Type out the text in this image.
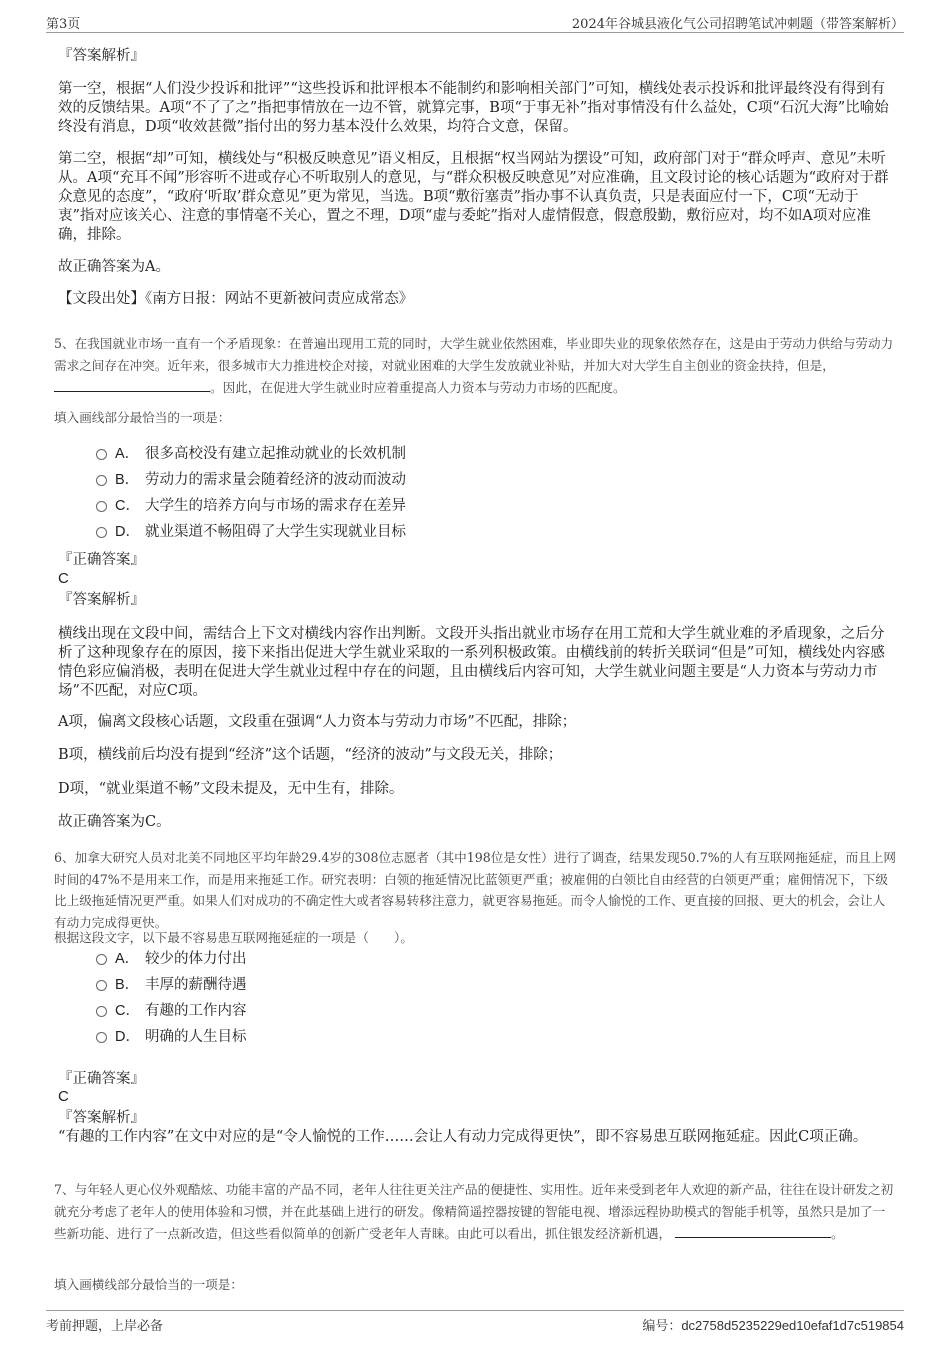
第3页	2024年谷城县液化气公司招聘笔试冲刺题（带答案解析）
『答案解析』
第一空，根据“人们没少投诉和批评”“这些投诉和批评根本不能制约和影响相关部门”可知，横线处表示投诉和批评最终没有得到有效的反馈结果。A项“不了了之”指把事情放在一边不管，就算完事，B项“于事无补”指对事情没有什么益处，C项“石沉大海”比喻始终没有消息，D项“收效甚微”指付出的努力基本没什么效果，均符合文意，保留。
第二空，根据“却”可知，横线处与“积极反映意见”语义相反，且根据“权当网站为摆设”可知，政府部门对于“群众呼声、意见”未听从。A项“充耳不闻”形容听不进或存心不听取别人的意见，与“群众积极反映意见”对应准确，且文段讨论的核心话题为“政府对于群众意见的态度”，“政府‘听取’群众意见”更为常见，当选。B项“敷衍塞责”指办事不认真负责，只是表面应付一下，C项“无动于衷”指对应该关心、注意的事情毫不关心，置之不理，D项“虚与委蛇”指对人虚情假意，假意殷勤，敷衍应对，均不如A项对应准确，排除。
故正确答案为A。
【文段出处】《南方日报：网站不更新被问责应成常态》
5、在我国就业市场一直有一个矛盾现象：在普遍出现用工荒的同时，大学生就业依然困难，毕业即失业的现象依然存在，这是由于劳动力供给与劳动力需求之间存在冲突。近年来，很多城市大力推进校企对接，对就业困难的大学生发放就业补贴，并加大对大学生自主创业的资金扶持，但是， 。因此，在促进大学生就业时应着重提高人力资本与劳动力市场的匹配度。
填入画线部分最恰当的一项是：
A． 很多高校没有建立起推动就业的长效机制
B． 劳动力的需求量会随着经济的波动而波动
C． 大学生的培养方向与市场的需求存在差异
D． 就业渠道不畅阻碍了大学生实现就业目标
『正确答案』
C
『答案解析』
横线出现在文段中间，需结合上下文对横线内容作出判断。文段开头指出就业市场存在用工荒和大学生就业难的矛盾现象，之后分析了这种现象存在的原因，接下来指出促进大学生就业采取的一系列积极政策。由横线前的转折关联词“但是”可知，横线处内容感情色彩应偏消极，表明在促进大学生就业过程中存在的问题，且由横线后内容可知，大学生就业问题主要是“人力资本与劳动力市场”不匹配，对应C项。
A项，偏离文段核心话题，文段重在强调“人力资本与劳动力市场”不匹配，排除；
B项，横线前后均没有提到“经济”这个话题，“经济的波动”与文段无关，排除；
D项，“就业渠道不畅”文段未提及，无中生有，排除。
故正确答案为C。
6、加拿大研究人员对北美不同地区平均年龄29.4岁的308位志愿者（其中198位是女性）进行了调查，结果发现50.7%的人有互联网拖延症，而且上网时间的47%不是用来工作，而是用来拖延工作。研究表明：白领的拖延情况比蓝领更严重；被雇佣的白领比自由经营的白领更严重；雇佣情况下，下级比上级拖延情况更严重。如果人们对成功的不确定性大或者容易转移注意力，就更容易拖延。而令人愉悦的工作、更直接的回报、更大的机会，会让人有动力完成得更快。
根据这段文字，以下最不容易患互联网拖延症的一项是（　　）。
A． 较少的体力付出
B． 丰厚的薪酬待遇
C． 有趣的工作内容
D． 明确的人生目标
『正确答案』
C
『答案解析』
“有趣的工作内容”在文中对应的是“令人愉悦的工作……会让人有动力完成得更快”，即不容易患互联网拖延症。因此C项正确。
7、与年轻人更心仪外观酷炫、功能丰富的产品不同，老年人往往更关注产品的便捷性、实用性。近年来受到老年人欢迎的新产品，往往在设计研发之初就充分考虑了老年人的使用体验和习惯，并在此基础上进行的研发。像精简遥控器按键的智能电视、增添远程协助模式的智能手机等，虽然只是加了一些新功能、进行了一点新改造，但这些看似简单的创新广受老年人青睐。由此可以看出，抓住银发经济新机遇，	。
填入画横线部分最恰当的一项是：
考前押题，上岸必备	编号：dc2758d5235229ed10efaf1d7c519854
